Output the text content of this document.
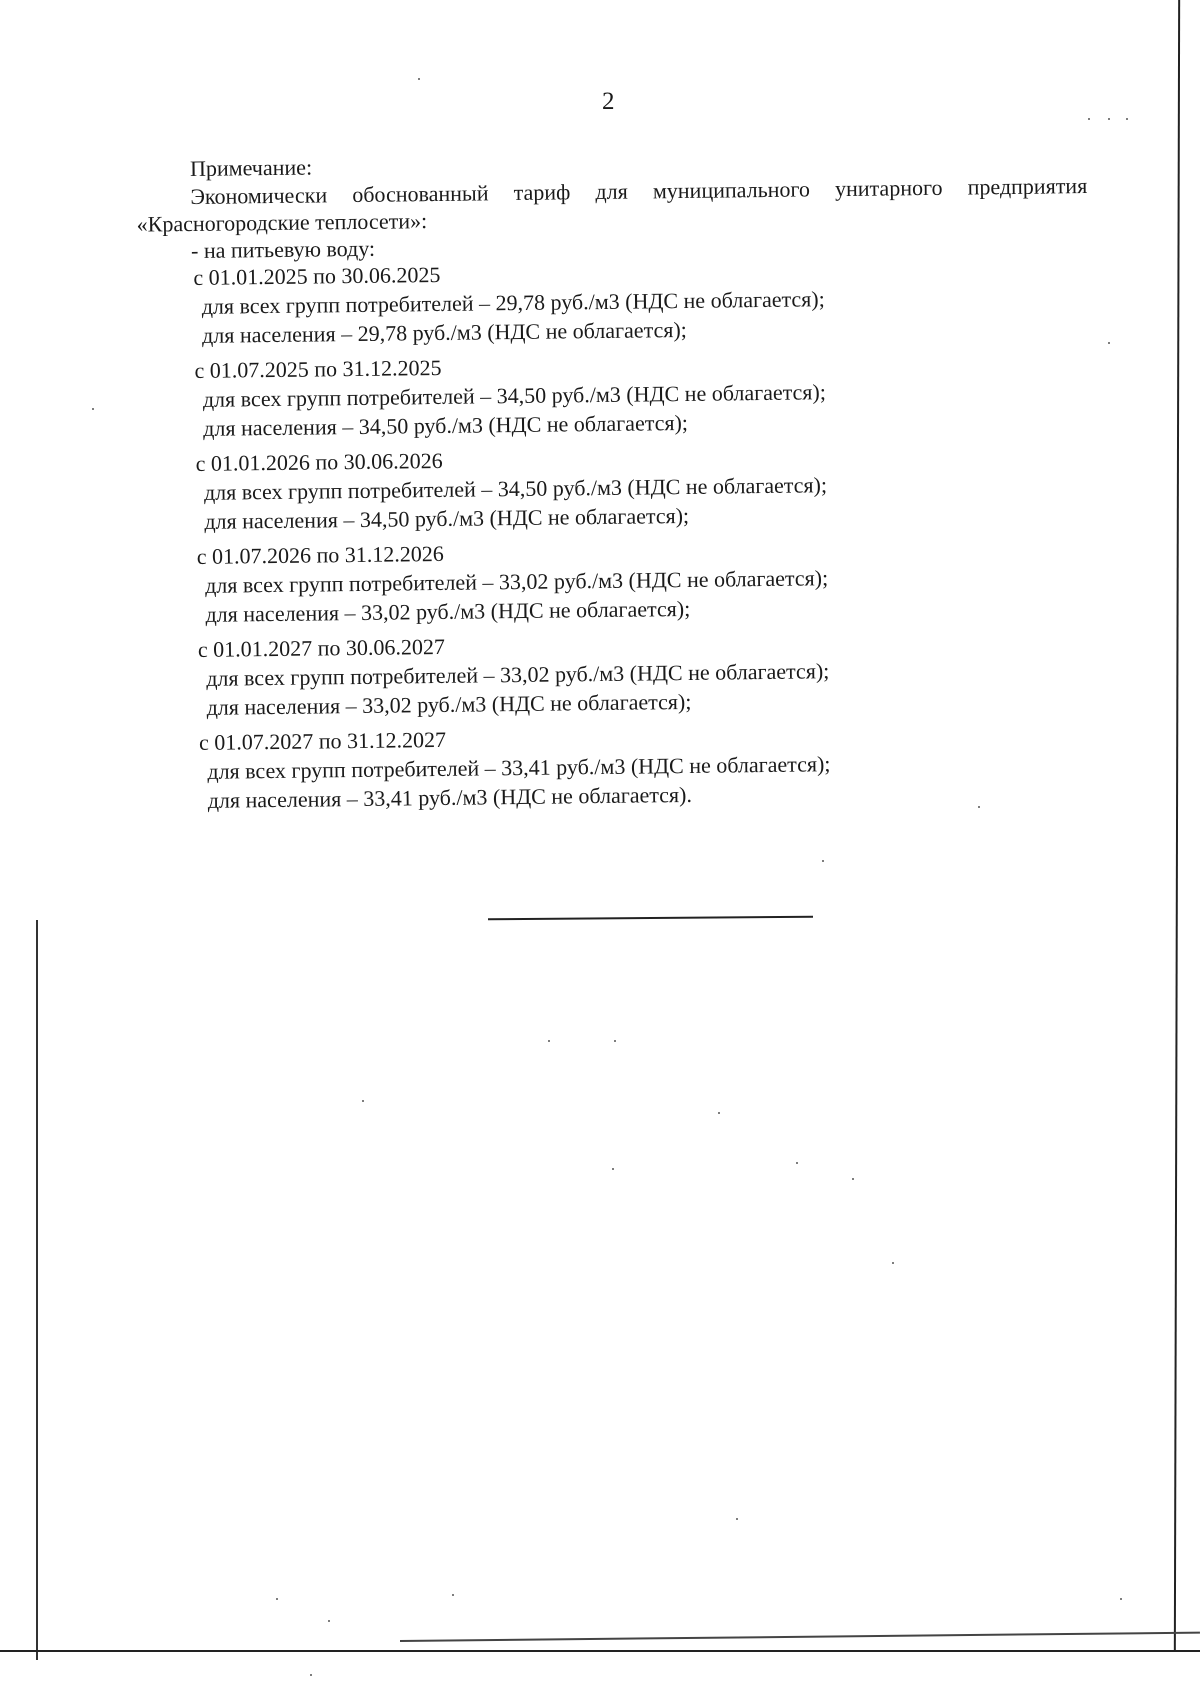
2
Примечание:
Экономически обоснованный тариф для муниципального унитарного предприятия
«Красногородские теплосети»:
- на питьевую воду:
с 01.01.2025 по 30.06.2025
для всех групп потребителей – 29,78 руб./м3 (НДС не облагается);
для населения – 29,78 руб./м3 (НДС не облагается);
с 01.07.2025 по 31.12.2025
для всех групп потребителей – 34,50 руб./м3 (НДС не облагается);
для населения – 34,50 руб./м3 (НДС не облагается);
с 01.01.2026 по 30.06.2026
для всех групп потребителей – 34,50 руб./м3 (НДС не облагается);
для населения – 34,50 руб./м3 (НДС не облагается);
с 01.07.2026 по 31.12.2026
для всех групп потребителей – 33,02 руб./м3 (НДС не облагается);
для населения – 33,02 руб./м3 (НДС не облагается);
с 01.01.2027 по 30.06.2027
для всех групп потребителей – 33,02 руб./м3 (НДС не облагается);
для населения – 33,02 руб./м3 (НДС не облагается);
с 01.07.2027 по 31.12.2027
для всех групп потребителей – 33,41 руб./м3 (НДС не облагается);
для населения – 33,41 руб./м3 (НДС не облагается).
